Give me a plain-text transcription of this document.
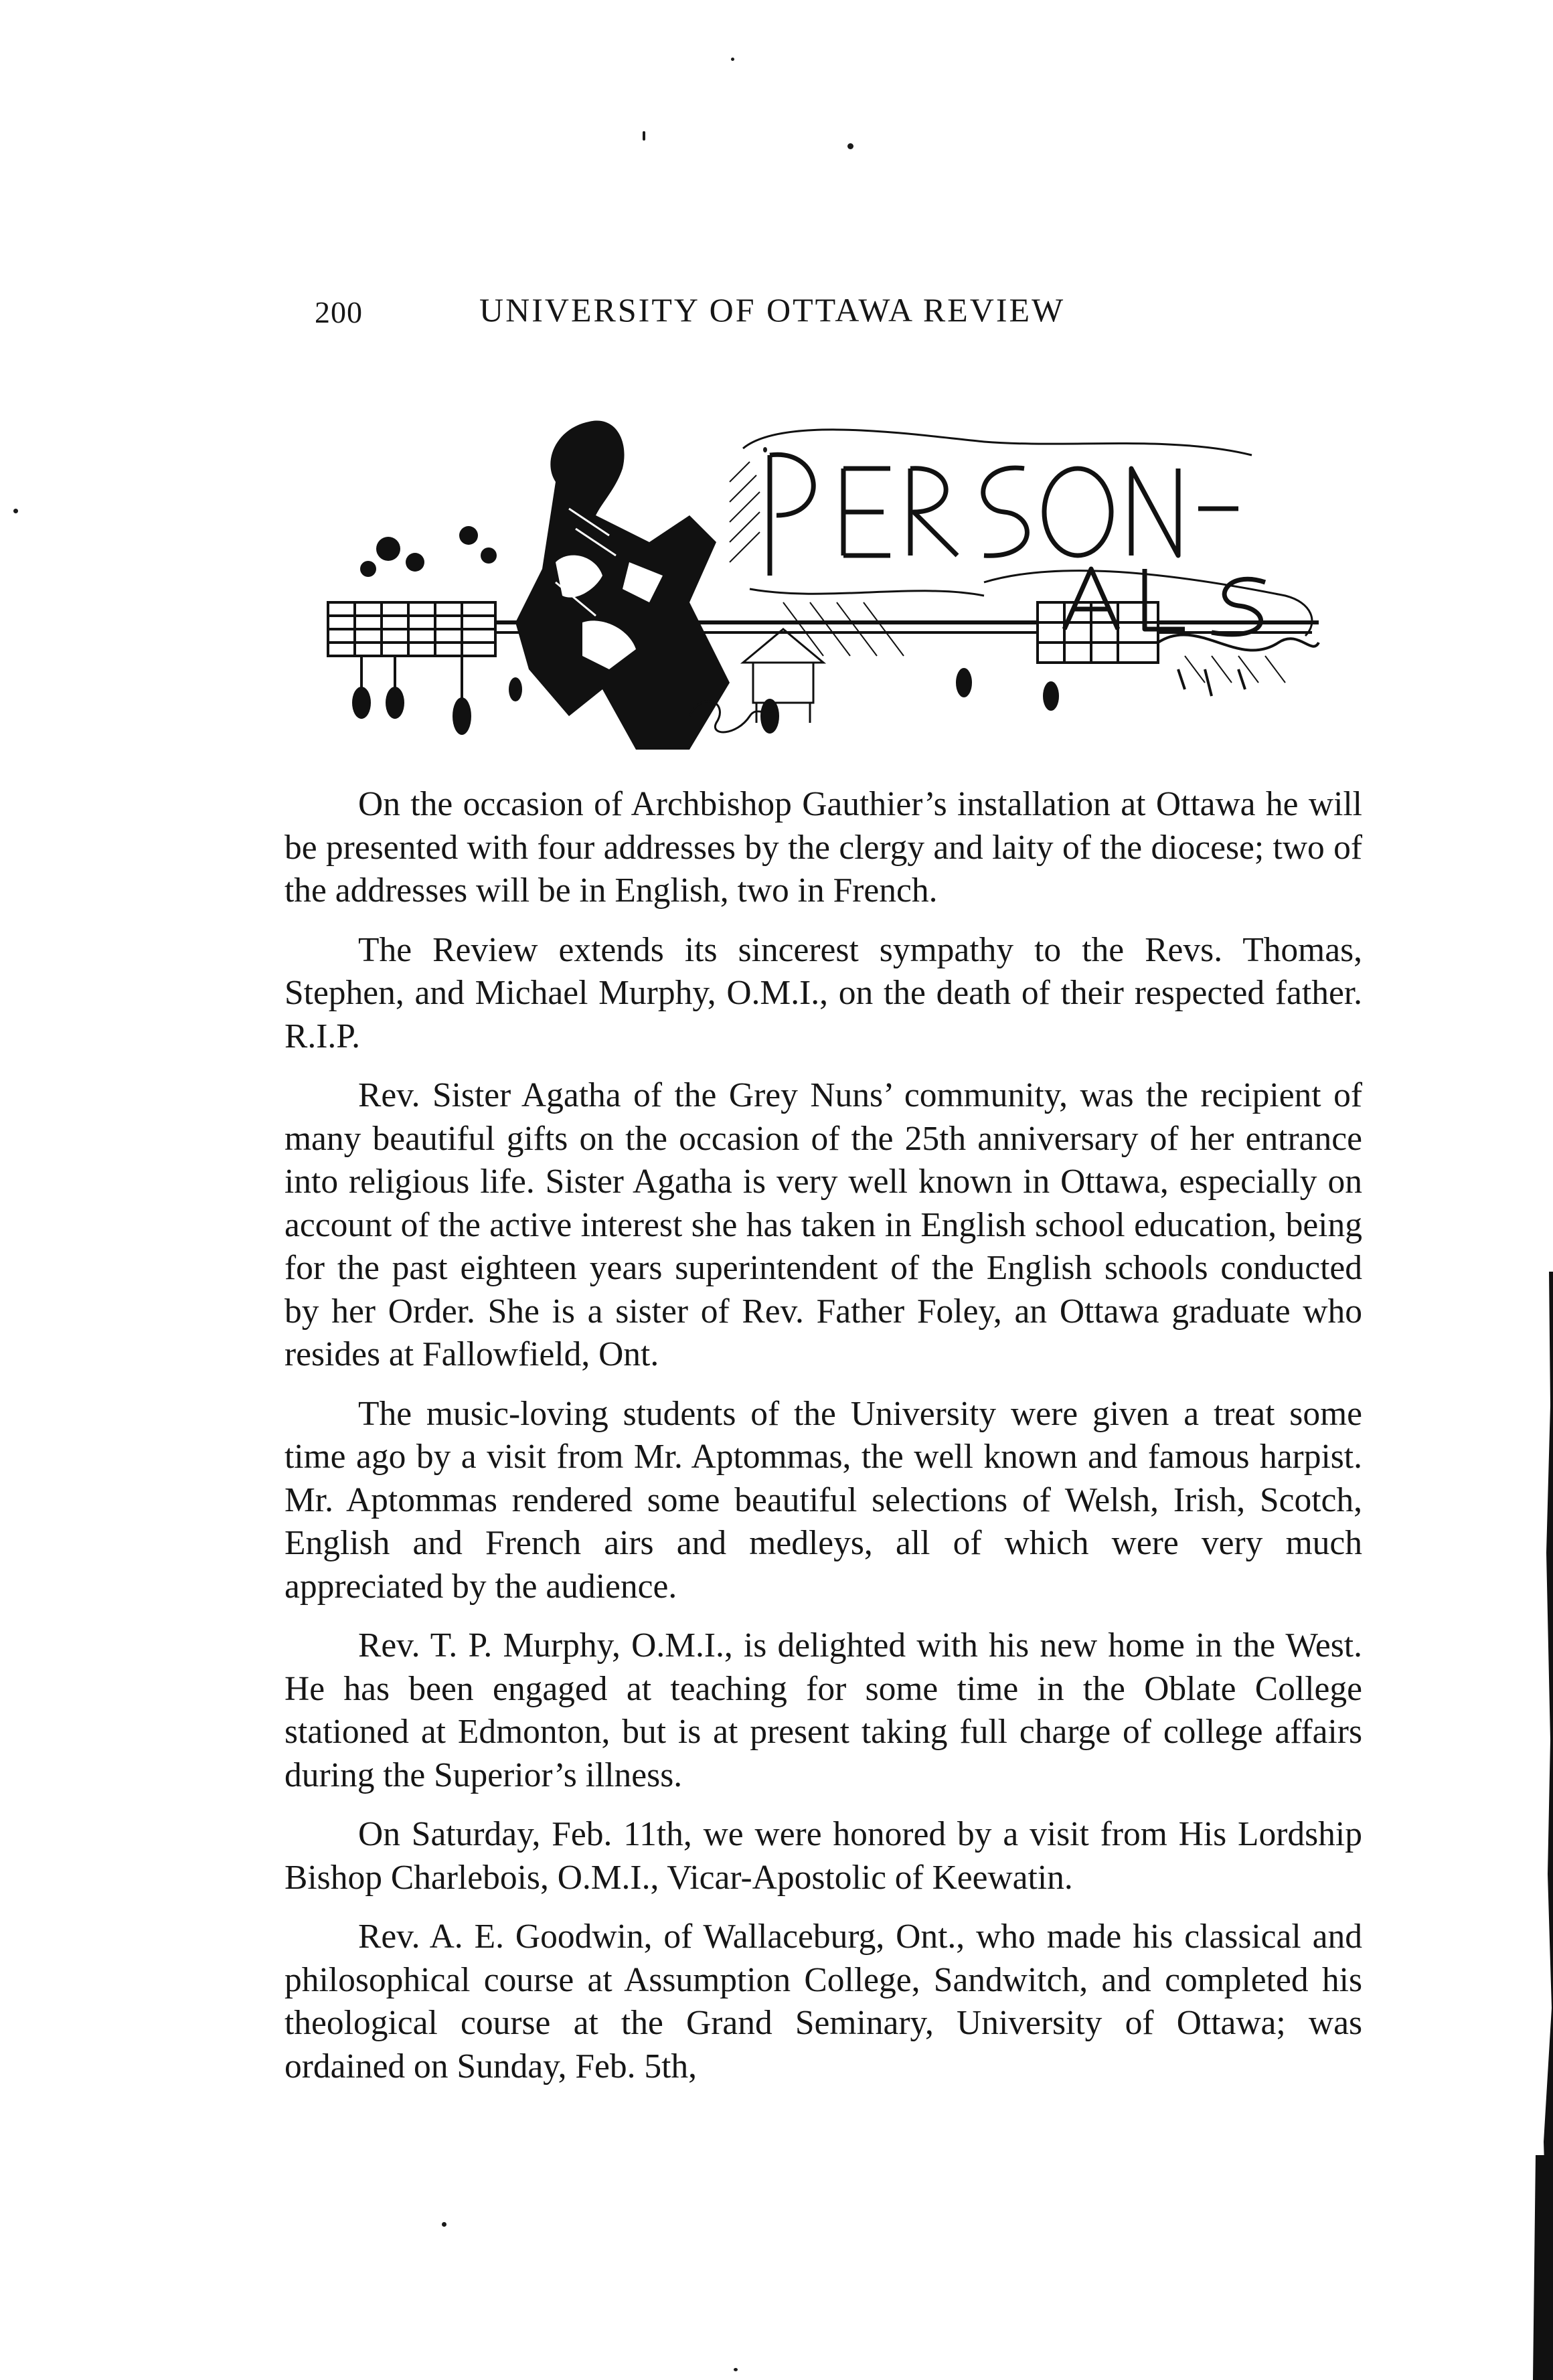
200	UNIVERSITY OF OTTAWA REVIEW

On the occasion of Archbishop Gauthier’s installation at Ottawa he will be presented with four addresses by the clergy and laity of the diocese; two of the addresses will be in English, two in French.

The Review extends its sincerest sympathy to the Revs. Thomas, Stephen, and Michael Murphy, O.M.I., on the death of their respected father. R.I.P.

Rev. Sister Agatha of the Grey Nuns’ community, was the recipient of many beautiful gifts on the occasion of the 25th anniversary of her entrance into religious life. Sister Agatha is very well known in Ottawa, especially on account of the active interest she has taken in English school education, being for the past eighteen years superintendent of the English schools conducted by her Order. She is a sister of Rev. Father Foley, an Ottawa graduate who resides at Fallowfield, Ont.

The music-loving students of the University were given a treat some time ago by a visit from Mr. Aptommas, the well known and famous harpist. Mr. Aptommas rendered some beautiful selections of Welsh, Irish, Scotch, English and French airs and medleys, all of which were very much appreciated by the audience.

Rev. T. P. Murphy, O.M.I., is delighted with his new home in the West. He has been engaged at teaching for some time in the Oblate College stationed at Edmonton, but is at present taking full charge of college affairs during the Superior’s illness.

On Saturday, Feb. 11th, we were honored by a visit from His Lordship Bishop Charlebois, O.M.I., Vicar-Apostolic of Keewatin.

Rev. A. E. Goodwin, of Wallaceburg, Ont., who made his classical and philosophical course at Assumption College, Sandwitch, and completed his theological course at the Grand Seminary, University of Ottawa; was ordained on Sunday, Feb. 5th,
